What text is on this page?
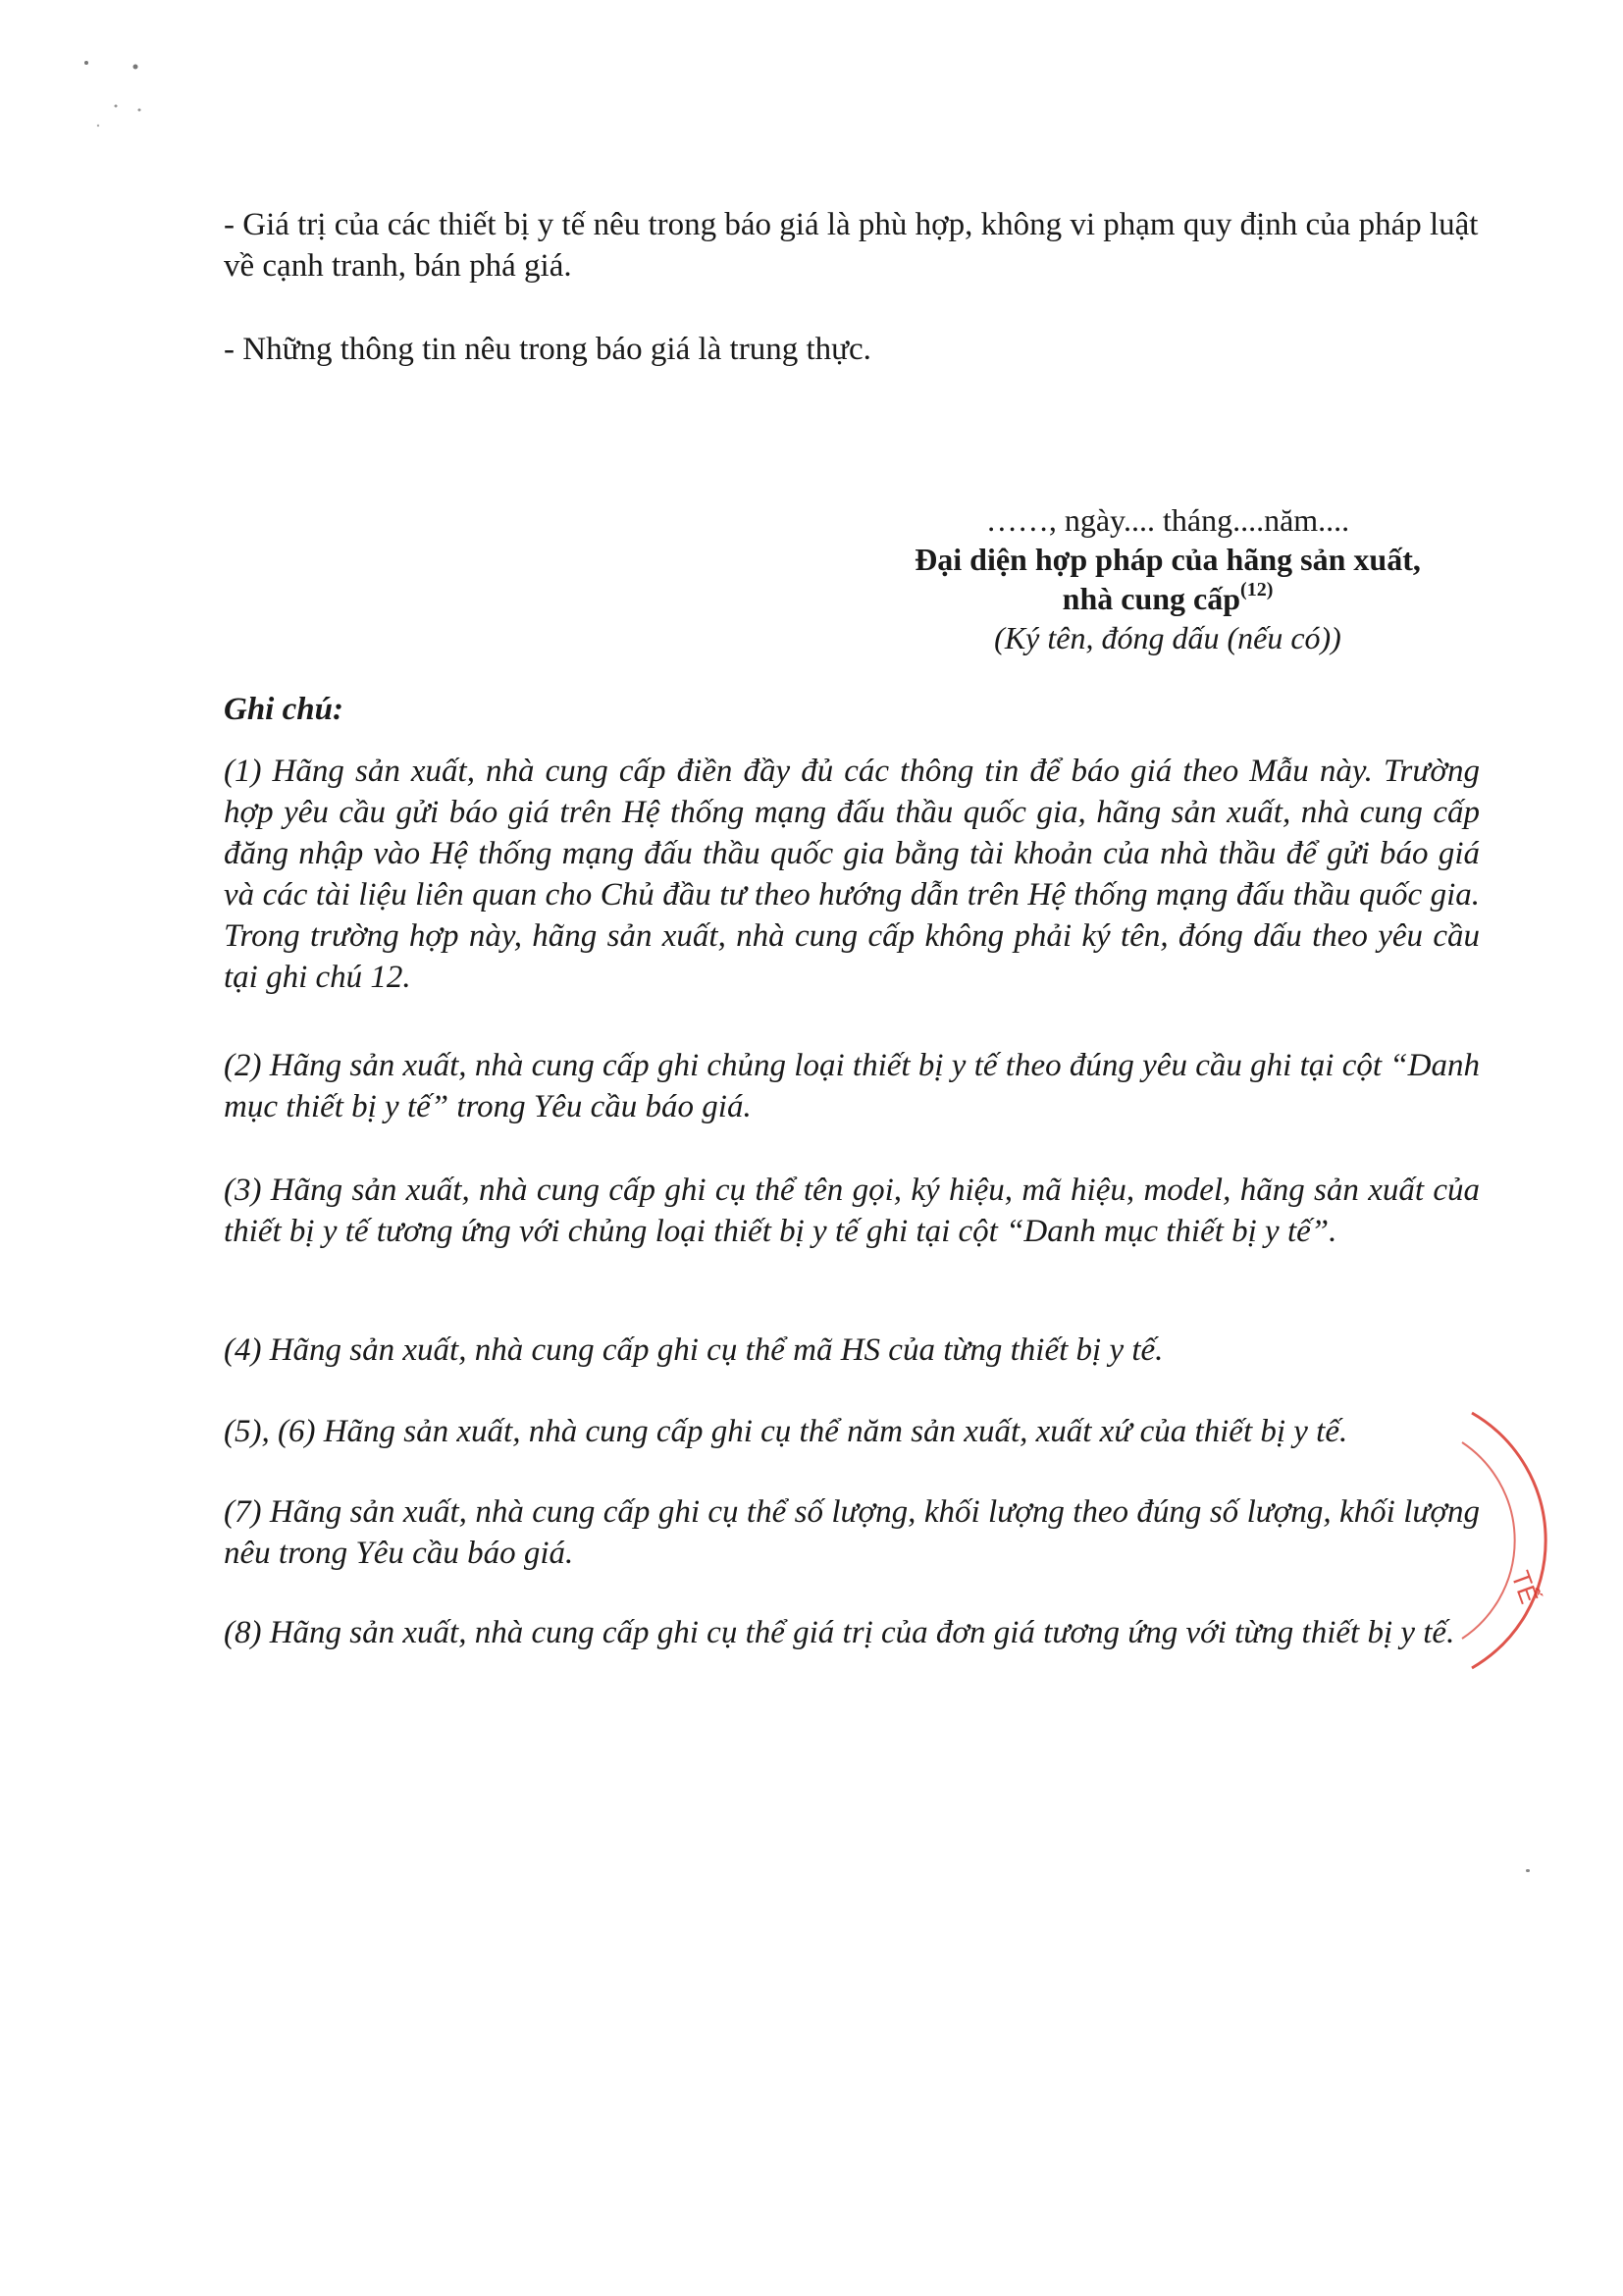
- Giá trị của các thiết bị y tế nêu trong báo giá là phù hợp, không vi phạm quy định của pháp luật về cạnh tranh, bán phá giá.

- Những thông tin nêu trong báo giá là trung thực.

……, ngày.... tháng....năm....
Đại diện hợp pháp của hãng sản xuất,
nhà cung cấp$^{(12)}$
(Ký tên, đóng dấu (nếu có))

Ghi chú:

(1) Hãng sản xuất, nhà cung cấp điền đầy đủ các thông tin để báo giá theo Mẫu này. Trường hợp yêu cầu gửi báo giá trên Hệ thống mạng đấu thầu quốc gia, hãng sản xuất, nhà cung cấp đăng nhập vào Hệ thống mạng đấu thầu quốc gia bằng tài khoản của nhà thầu để gửi báo giá và các tài liệu liên quan cho Chủ đầu tư theo hướng dẫn trên Hệ thống mạng đấu thầu quốc gia. Trong trường hợp này, hãng sản xuất, nhà cung cấp không phải ký tên, đóng dấu theo yêu cầu tại ghi chú 12.

(2) Hãng sản xuất, nhà cung cấp ghi chủng loại thiết bị y tế theo đúng yêu cầu ghi tại cột “Danh mục thiết bị y tế” trong Yêu cầu báo giá.

(3) Hãng sản xuất, nhà cung cấp ghi cụ thể tên gọi, ký hiệu, mã hiệu, model, hãng sản xuất của thiết bị y tế tương ứng với chủng loại thiết bị y tế ghi tại cột “Danh mục thiết bị y tế”.

(4) Hãng sản xuất, nhà cung cấp ghi cụ thể mã HS của từng thiết bị y tế.

(5), (6) Hãng sản xuất, nhà cung cấp ghi cụ thể năm sản xuất, xuất xứ của thiết bị y tế.

(7) Hãng sản xuất, nhà cung cấp ghi cụ thể số lượng, khối lượng theo đúng số lượng, khối lượng nêu trong Yêu cầu báo giá.

(8) Hãng sản xuất, nhà cung cấp ghi cụ thể giá trị của đơn giá tương ứng với từng thiết bị y tế.

TẾ
